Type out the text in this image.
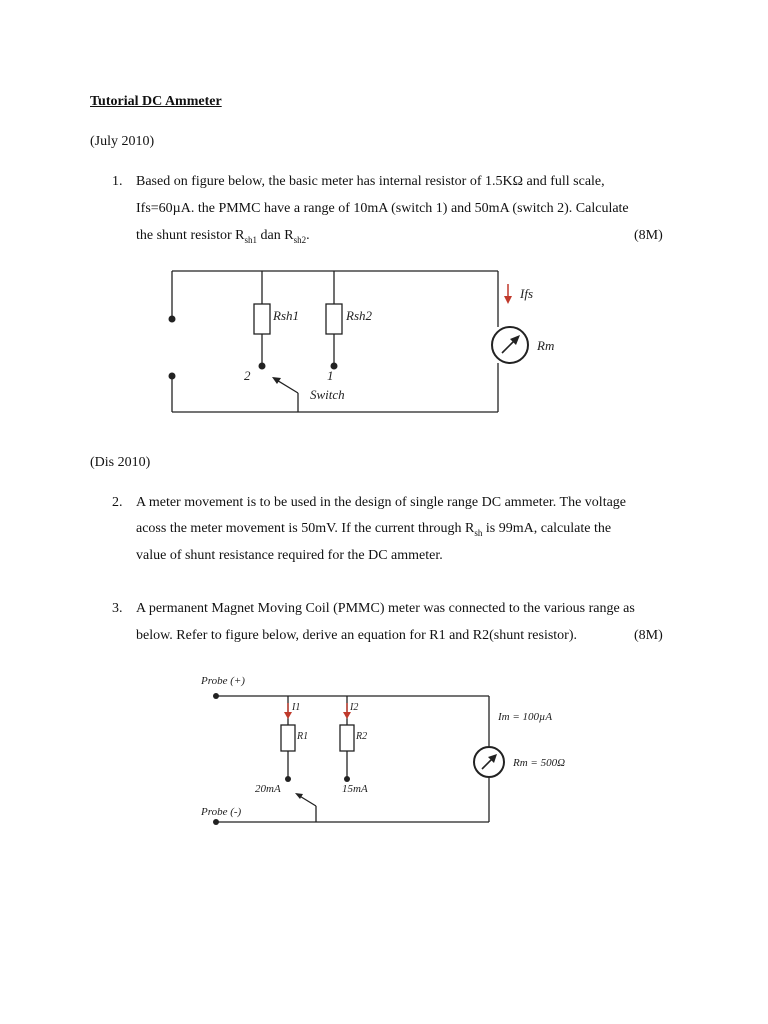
Tutorial DC Ammeter
(July 2010)
1. Based on figure below, the basic meter has internal resistor of 1.5KΩ and full scale,
Ifs=60µA. the PMMC have a range of 10mA (switch 1) and 50mA (switch 2). Calculate
the shunt resistor $R_{sh1}$ dan $R_{sh2}$.	(8M)
(Dis 2010)
2. A meter movement is to be used in the design of single range DC ammeter. The voltage
acoss the meter movement is 50mV. If the current through $R_{sh}$ is 99mA, calculate the
value of shunt resistance required for the DC ammeter.
3. A permanent Magnet Moving Coil (PMMC) meter was connected to the various range as
below. Refer to figure below, derive an equation for R1 and R2(shunt resistor).	(8M)
Rsh1	Rsh2
Ifs
Rm
2	1
Switch
Probe (+)
Probe (-)
I1	I2
R1	R2
Im = 100µA
Rm = 500Ω
20mA	15mA
